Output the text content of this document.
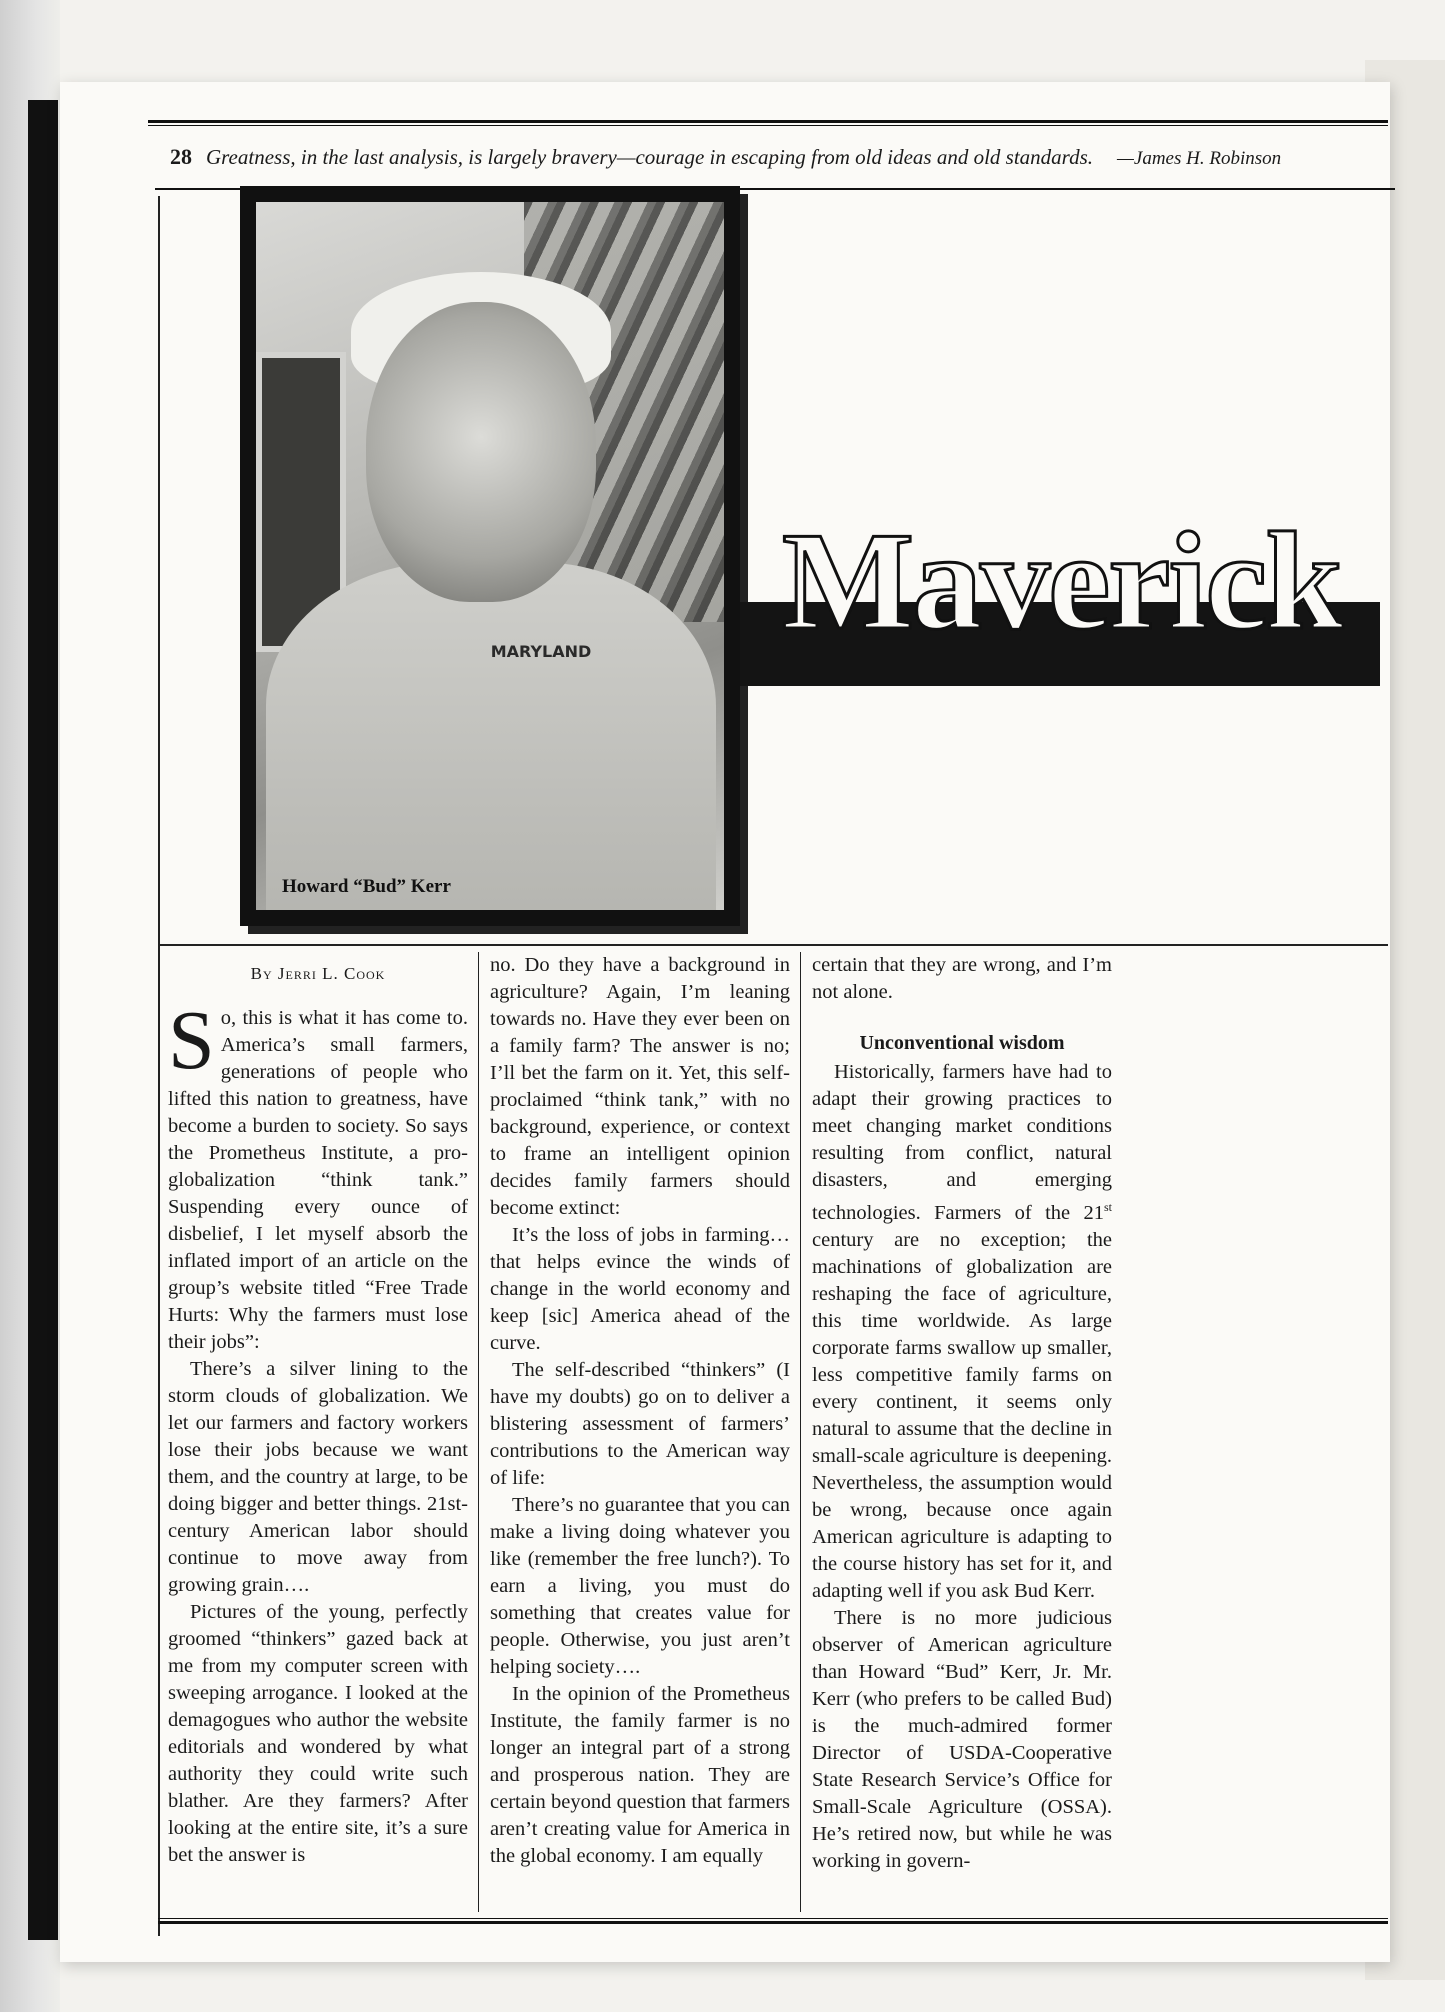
28 Greatness, in the last analysis, is largely bravery—courage in escaping from old ideas and old standards. —James H. Robinson
MARYLAND
Howard “Bud” Kerr
Maverick
By Jerri L. Cook

So, this is what it has come to. America’s small farmers, generations of people who lifted this nation to greatness, have become a burden to society. So says the Prometheus Institute, a pro-globalization “think tank.” Suspending every ounce of disbelief, I let myself absorb the inflated import of an article on the group’s website titled “Free Trade Hurts: Why the farmers must lose their jobs”:

There’s a silver lining to the storm clouds of globalization. We let our farmers and factory workers lose their jobs because we want them, and the country at large, to be doing bigger and better things. 21st-century American labor should continue to move away from growing grain….

Pictures of the young, perfectly groomed “thinkers” gazed back at me from my computer screen with sweeping arrogance. I looked at the demagogues who author the website editorials and wondered by what authority they could write such blather. Are they farmers? After looking at the entire site, it’s a sure bet the answer is

no. Do they have a background in agriculture? Again, I’m leaning towards no. Have they ever been on a family farm? The answer is no; I’ll bet the farm on it. Yet, this self-proclaimed “think tank,” with no background, experience, or context to frame an intelligent opinion decides family farmers should become extinct:

It’s the loss of jobs in farming… that helps evince the winds of change in the world economy and keep [sic] America ahead of the curve.

The self-described “thinkers” (I have my doubts) go on to deliver a blistering assessment of farmers’ contributions to the American way of life:

There’s no guarantee that you can make a living doing whatever you like (remember the free lunch?). To earn a living, you must do something that creates value for people. Otherwise, you just aren’t helping society….

In the opinion of the Prometheus Institute, the family farmer is no longer an integral part of a strong and prosperous nation. They are certain beyond question that farmers aren’t creating value for America in the global economy. I am equally

certain that they are wrong, and I’m not alone.

Unconventional wisdom

Historically, farmers have had to adapt their growing practices to meet changing market conditions resulting from conflict, natural disasters, and emerging technologies. Farmers of the 21st century are no exception; the machinations of globalization are reshaping the face of agriculture, this time worldwide. As large corporate farms swallow up smaller, less competitive family farms on every continent, it seems only natural to assume that the decline in small-scale agriculture is deepening. Nevertheless, the assumption would be wrong, because once again American agriculture is adapting to the course history has set for it, and adapting well if you ask Bud Kerr.

There is no more judicious observer of American agriculture than Howard “Bud” Kerr, Jr. Mr. Kerr (who prefers to be called Bud) is the much-admired former Director of USDA-Cooperative State Research Service’s Office for Small-Scale Agriculture (OSSA). He’s retired now, but while he was working in govern-
